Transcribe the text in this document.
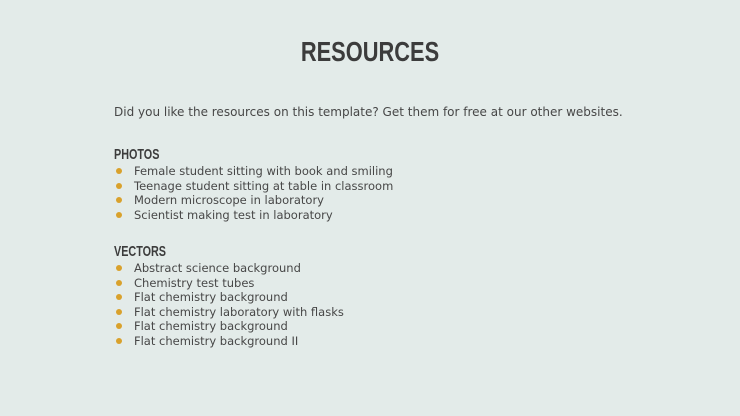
RESOURCES
Did you like the resources on this template? Get them for free at our other websites.
PHOTOS
Female student sitting with book and smiling
Teenage student sitting at table in classroom
Modern microscope in laboratory
Scientist making test in laboratory
VECTORS
Abstract science background
Chemistry test tubes
Flat chemistry background
Flat chemistry laboratory with flasks
Flat chemistry background
Flat chemistry background II
